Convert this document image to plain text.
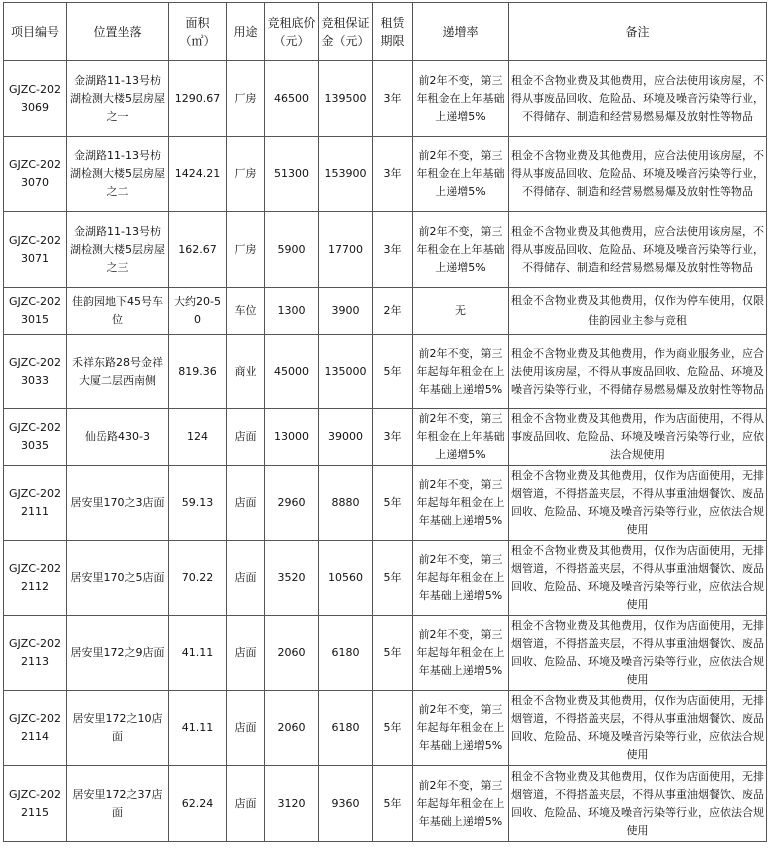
项目编号	位置坐落	面积（㎡）	用途	竞租底价（元）	竞租保证金（元）	租赁期限	递增率	备注
GJZC-2023069	金湖路11-13号枋湖检测大楼5层房屋之一	1290.67	厂房	46500	139500	3年	前2年不变，第三年租金在上年基础上递增5%	租金不含物业费及其他费用，应合法使用该房屋，不得从事废品回收、危险品、环境及噪音污染等行业，不得储存、制造和经营易燃易爆及放射性等物品
GJZC-2023070	金湖路11-13号枋湖检测大楼5层房屋之二	1424.21	厂房	51300	153900	3年	前2年不变，第三年租金在上年基础上递增5%	租金不含物业费及其他费用，应合法使用该房屋，不得从事废品回收、危险品、环境及噪音污染等行业，不得储存、制造和经营易燃易爆及放射性等物品
GJZC-2023071	金湖路11-13号枋湖检测大楼5层房屋之三	162.67	厂房	5900	17700	3年	前2年不变，第三年租金在上年基础上递增5%	租金不含物业费及其他费用，应合法使用该房屋，不得从事废品回收、危险品、环境及噪音污染等行业，不得储存、制造和经营易燃易爆及放射性等物品
GJZC-2023015	佳韵园地下45号车位	大约20-50	车位	1300	3900	2年	无	租金不含物业费及其他费用，仅作为停车使用，仅限佳韵园业主参与竞租
GJZC-2023033	禾祥东路28号金祥大厦二层西南侧	819.36	商业	45000	135000	5年	前2年不变，第三年起每年租金在上年基础上递增5%	租金不含物业费及其他费用，作为商业服务业，应合法使用该房屋，不得从事废品回收、危险品、环境及噪音污染等行业，不得储存易燃易爆及放射性等物品
GJZC-2023035	仙岳路430-3	124	店面	13000	39000	3年	前2年不变，第三年租金在上年基础上递增5%	租金不含物业费及其他费用，作为店面使用，不得从事废品回收、危险品、环境及噪音污染等行业，应依法合规使用
GJZC-2022111	居安里170之3店面	59.13	店面	2960	8880	5年	前2年不变，第三年起每年租金在上年基础上递增5%	租金不含物业费及其他费用，仅作为店面使用，无排烟管道，不得搭盖夹层，不得从事重油烟餐饮、废品回收、危险品、环境及噪音污染等行业，应依法合规使用
GJZC-2022112	居安里170之5店面	70.22	店面	3520	10560	5年	前2年不变，第三年起每年租金在上年基础上递增5%	租金不含物业费及其他费用，仅作为店面使用，无排烟管道，不得搭盖夹层，不得从事重油烟餐饮、废品回收、危险品、环境及噪音污染等行业，应依法合规使用
GJZC-2022113	居安里172之9店面	41.11	店面	2060	6180	5年	前2年不变，第三年起每年租金在上年基础上递增5%	租金不含物业费及其他费用，仅作为店面使用，无排烟管道，不得搭盖夹层，不得从事重油烟餐饮、废品回收、危险品、环境及噪音污染等行业，应依法合规使用
GJZC-2022114	居安里172之10店面	41.11	店面	2060	6180	5年	前2年不变，第三年起每年租金在上年基础上递增5%	租金不含物业费及其他费用，仅作为店面使用，无排烟管道，不得搭盖夹层，不得从事重油烟餐饮、废品回收、危险品、环境及噪音污染等行业，应依法合规使用
GJZC-2022115	居安里172之37店面	62.24	店面	3120	9360	5年	前2年不变，第三年起每年租金在上年基础上递增5%	租金不含物业费及其他费用，仅作为店面使用，无排烟管道，不得搭盖夹层，不得从事重油烟餐饮、废品回收、危险品、环境及噪音污染等行业，应依法合规使用
